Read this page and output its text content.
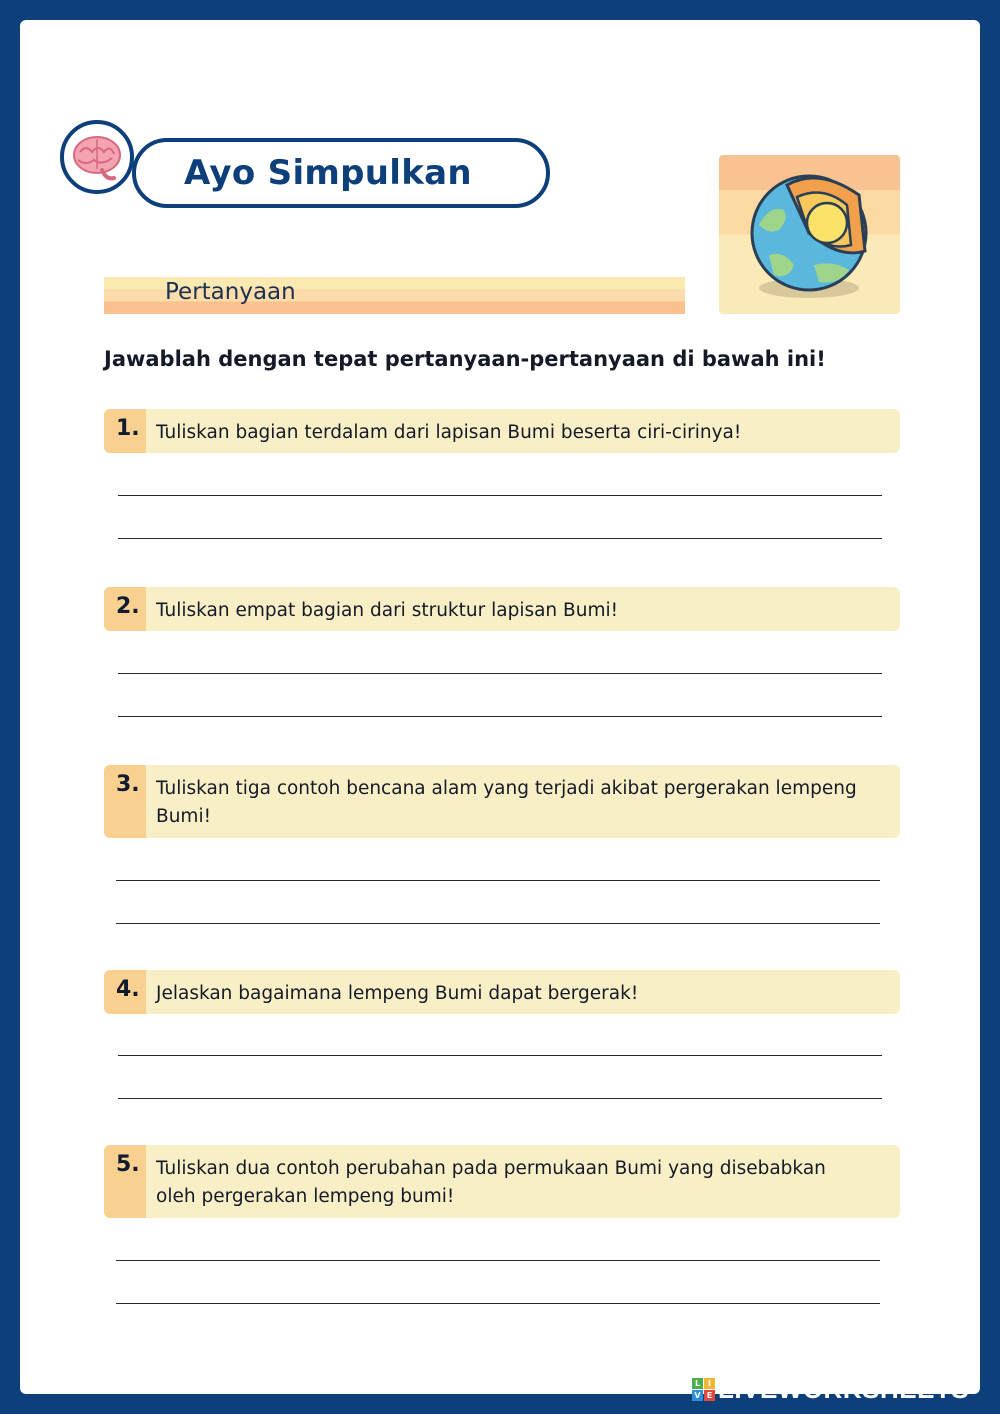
Ayo Simpulkan
Pertanyaan
Jawablah dengan tepat pertanyaan-pertanyaan di bawah ini!
1. Tuliskan bagian terdalam dari lapisan Bumi beserta ciri-cirinya!
2. Tuliskan empat bagian dari struktur lapisan Bumi!
3. Tuliskan tiga contoh bencana alam yang terjadi akibat pergerakan lempeng Bumi!
4. Jelaskan bagaimana lempeng Bumi dapat bergerak!
5. Tuliskan dua contoh perubahan pada permukaan Bumi yang disebabkan oleh pergerakan lempeng bumi!
L I
V E LIVEWORKSHEETS
